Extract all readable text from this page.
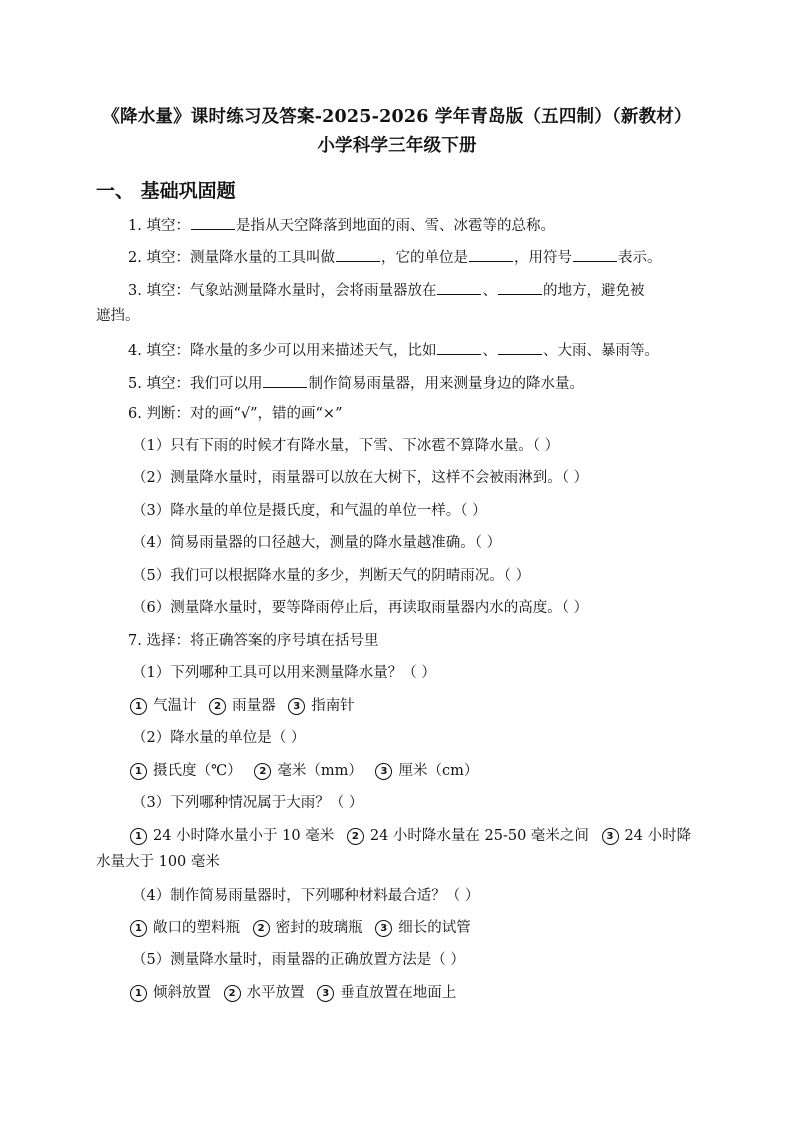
《降水量》课时练习及答案-2025-2026 学年青岛版（五四制）（新教材）
小学科学三年级下册
一、 基础巩固题
1. 填空：	是指从天空降落到地面的雨、雪、冰雹等的总称。
2. 填空：测量降水量的工具叫做	，它的单位是	，用符号	表示。
3. 填空：气象站测量降水量时，会将雨量器放在	、	的地方，避免被
遮挡。
4. 填空：降水量的多少可以用来描述天气，比如	、	、大雨、暴雨等。
5. 填空：我们可以用	制作简易雨量器，用来测量身边的降水量。
6. 判断：对的画“√”，错的画“×”
（1）只有下雨的时候才有降水量，下雪、下冰雹不算降水量。（ ）
（2）测量降水量时，雨量器可以放在大树下，这样不会被雨淋到。（ ）
（3）降水量的单位是摄氏度，和气温的单位一样。（ ）
（4）简易雨量器的口径越大，测量的降水量越准确。（ ）
（5）我们可以根据降水量的多少，判断天气的阴晴雨况。（ ）
（6）测量降水量时，要等降雨停止后，再读取雨量器内水的高度。（ ）
7. 选择：将正确答案的序号填在括号里
（1）下列哪种工具可以用来测量降水量？（ ）
1 气温计 2 雨量器 3 指南针
（2）降水量的单位是（ ）
1 摄氏度（℃） 2 毫米（mm） 3 厘米（cm）
（3）下列哪种情况属于大雨？（ ）
1 24 小时降水量小于 10 毫米 2 24 小时降水量在 25-50 毫米之间 3 24 小时降
水量大于 100 毫米
（4）制作简易雨量器时，下列哪种材料最合适？（ ）
1 敞口的塑料瓶 2 密封的玻璃瓶 3 细长的试管
（5）测量降水量时，雨量器的正确放置方法是（ ）
1 倾斜放置 2 水平放置 3 垂直放置在地面上
